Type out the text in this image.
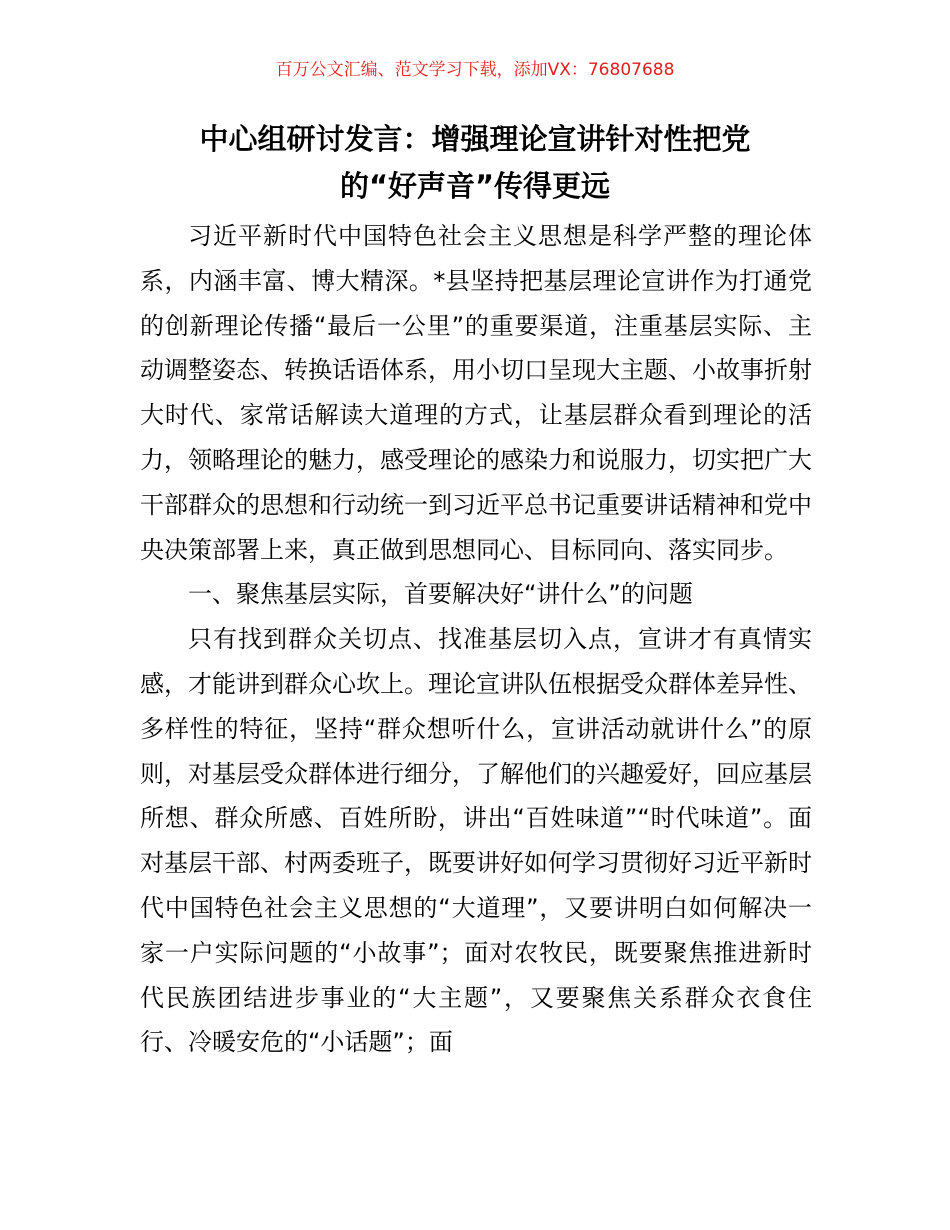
百万公文汇编、范文学习下载，添加VX：76807688
中心组研讨发言：增强理论宣讲针对性把党
的“好声音”传得更远

习近平新时代中国特色社会主义思想是科学严整的理论体系，内涵丰富、博大精深。*县坚持把基层理论宣讲作为打通党的创新理论传播“最后一公里”的重要渠道，注重基层实际、主动调整姿态、转换话语体系，用小切口呈现大主题、小故事折射大时代、家常话解读大道理的方式，让基层群众看到理论的活力，领略理论的魅力，感受理论的感染力和说服力，切实把广大干部群众的思想和行动统一到习近平总书记重要讲话精神和党中央决策部署上来，真正做到思想同心、目标同向、落实同步。

一、聚焦基层实际，首要解决好“讲什么”的问题

只有找到群众关切点、找准基层切入点，宣讲才有真情实感，才能讲到群众心坎上。理论宣讲队伍根据受众群体差异性、多样性的特征，坚持“群众想听什么，宣讲活动就讲什么”的原则，对基层受众群体进行细分，了解他们的兴趣爱好，回应基层所想、群众所感、百姓所盼，讲出“百姓味道”“时代味道”。面对基层干部、村两委班子，既要讲好如何学习贯彻好习近平新时代中国特色社会主义思想的“大道理”，又要讲明白如何解决一家一户实际问题的“小故事”；面对农牧民，既要聚焦推进新时代民族团结进步事业的“大主题”，又要聚焦关系群众衣食住行、冷暖安危的“小话题”；面
